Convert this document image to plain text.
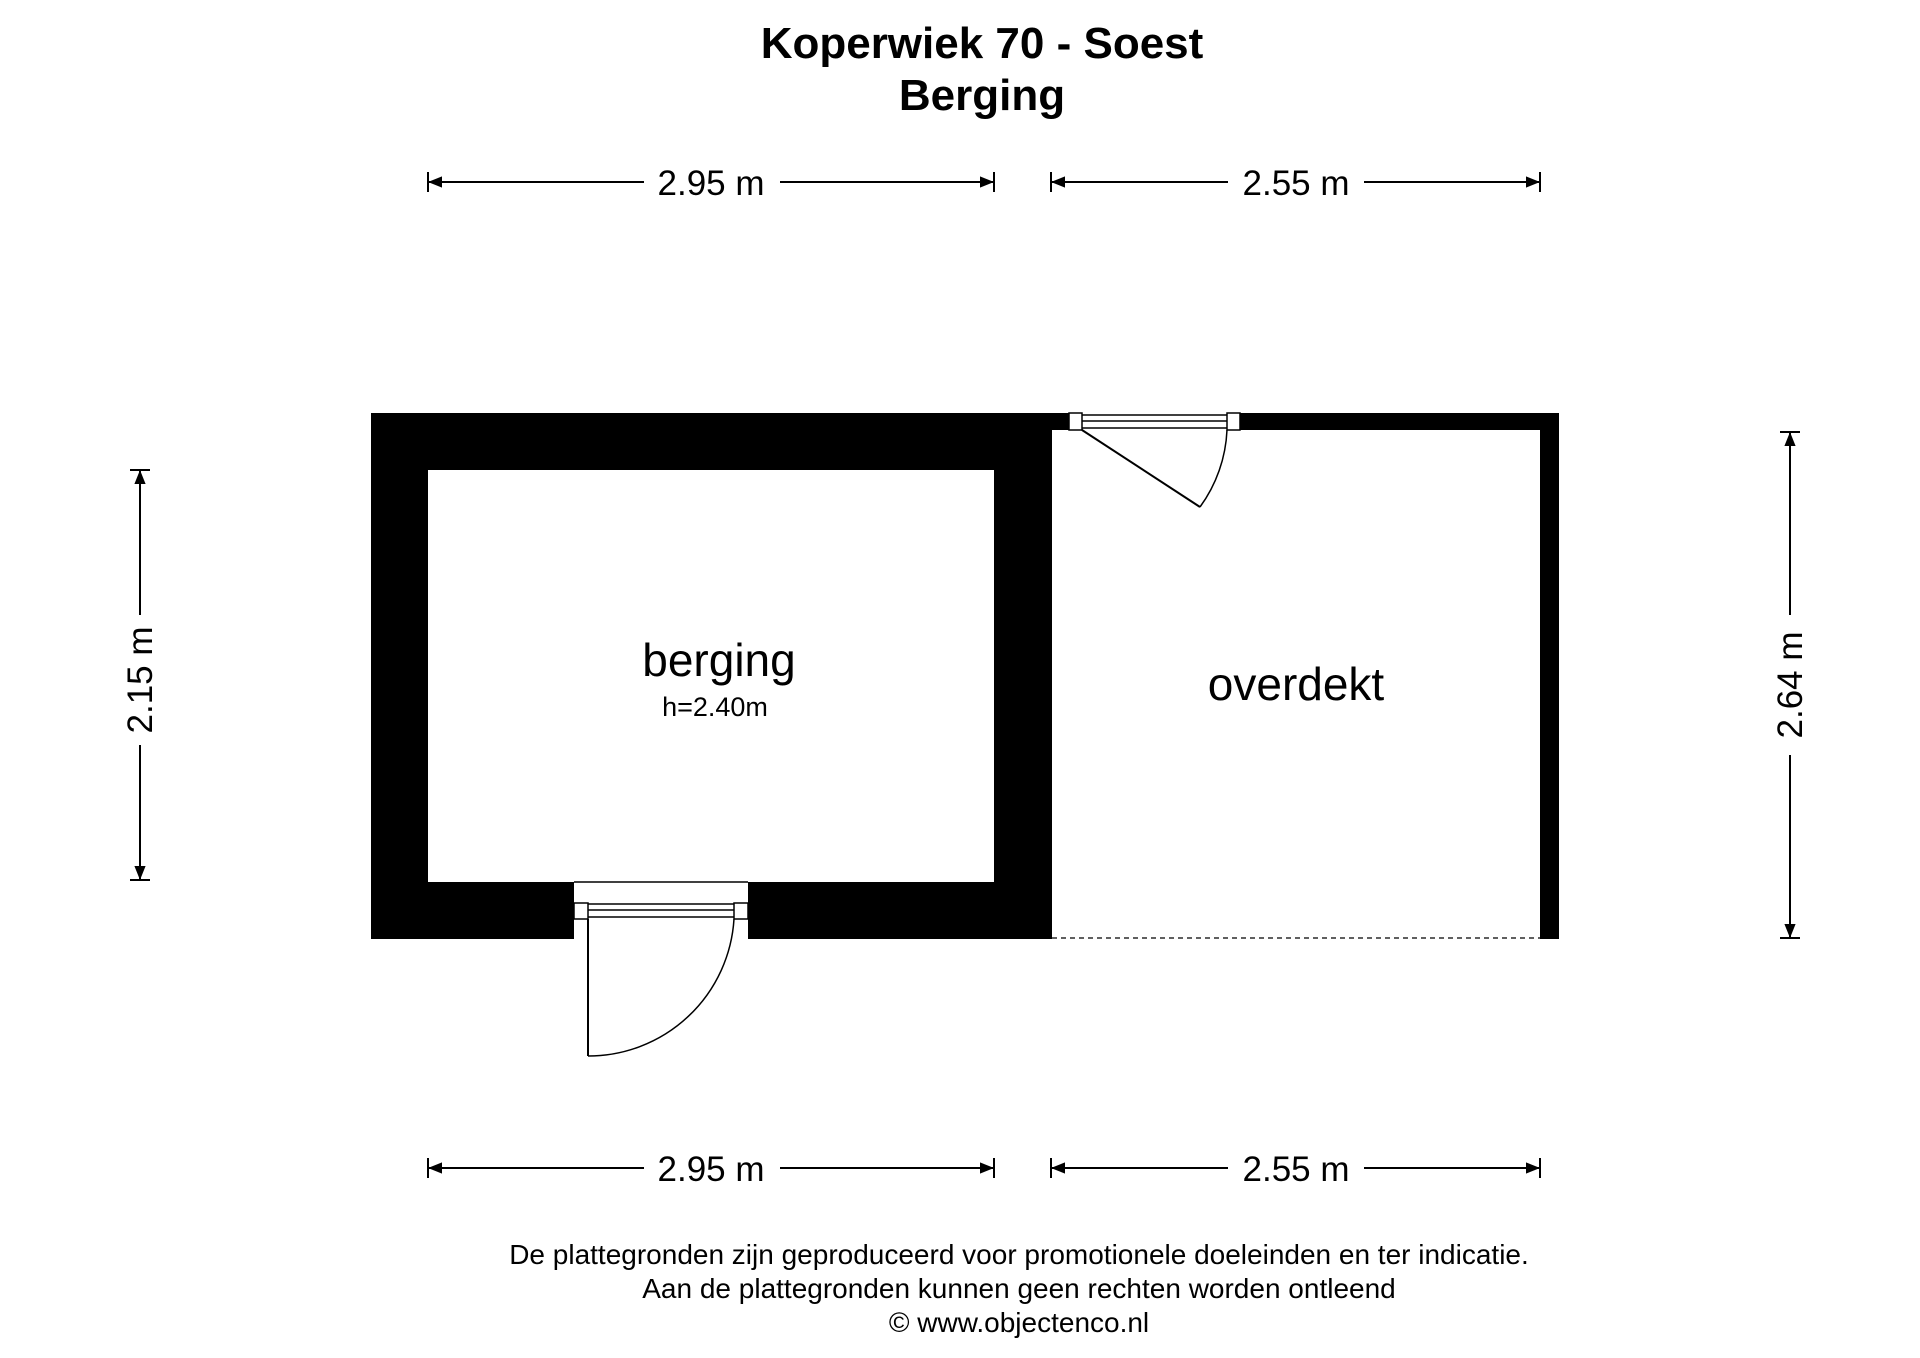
Koperwiek 70 - Soest
Berging
2.95 m	2.55 m
2.95 m	2.55 m
2.15 m	2.64 m
berging
h=2.40m	overdekt
De plattegronden zijn geproduceerd voor promotionele doeleinden en ter indicatie.
Aan de plattegronden kunnen geen rechten worden ontleend
© www.objectenco.nl
